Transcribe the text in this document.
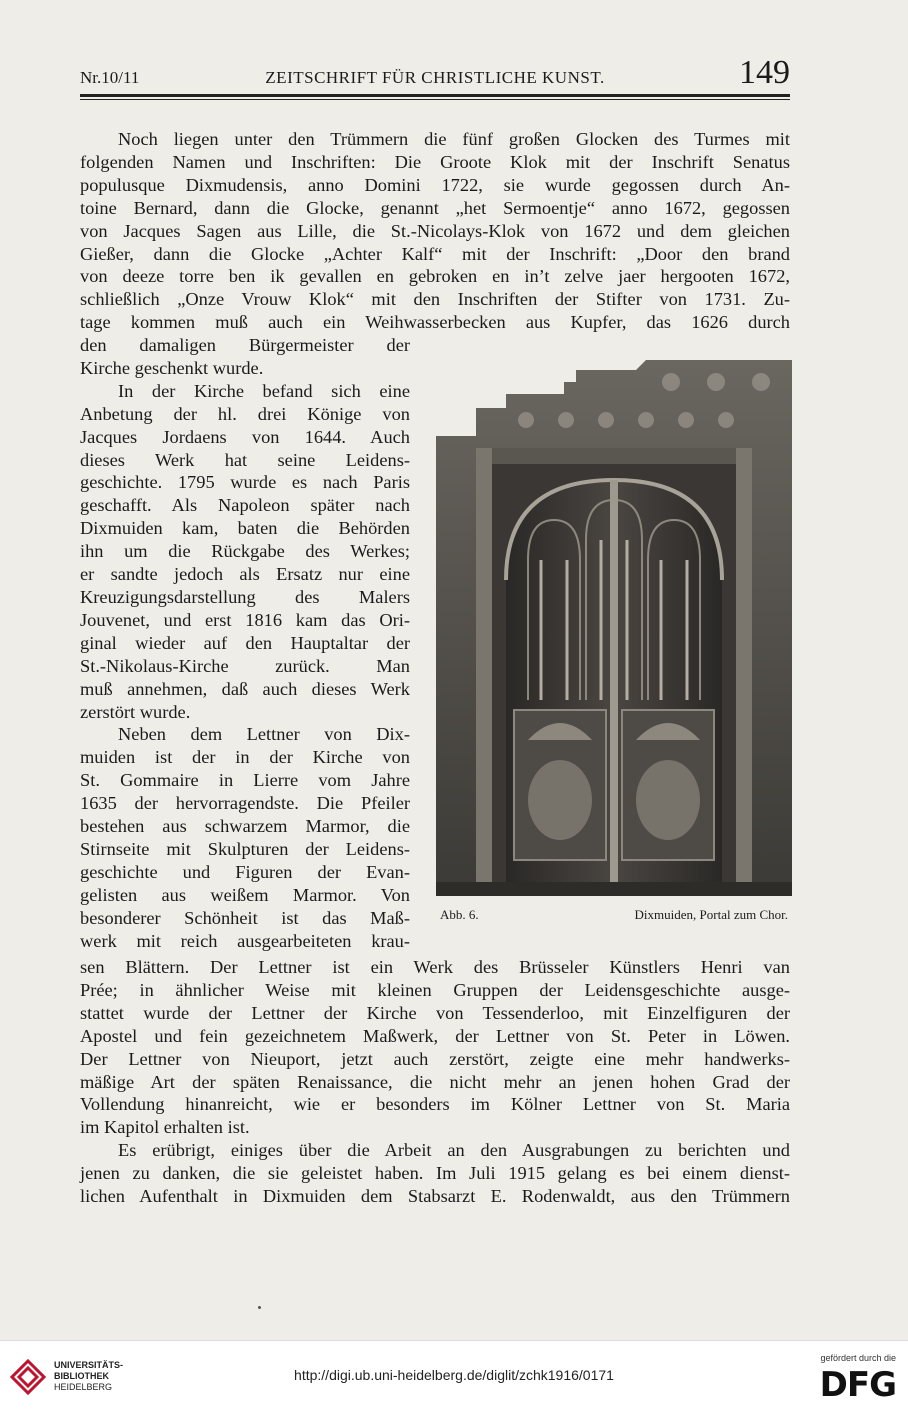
Nr.10/11	ZEITSCHRIFT FÜR CHRISTLICHE KUNST.	149
Noch liegen unter den Trümmern die fünf großen Glocken des Turmes mit
folgenden Namen und Inschriften: Die Groote Klok mit der Inschrift Senatus
populusque Dixmudensis, anno Domini 1722, sie wurde gegossen durch An-
toine Bernard, dann die Glocke, genannt „het Sermoentje“ anno 1672, gegossen
von Jacques Sagen aus Lille, die St.-Nicolays-Klok von 1672 und dem gleichen
Gießer, dann die Glocke „Achter Kalf“ mit der Inschrift: „Door den brand
von deeze torre ben ik gevallen en gebroken en in’t zelve jaer hergooten 1672,
schließlich „Onze Vrouw Klok“ mit den Inschriften der Stifter von 1731. Zu-
tage kommen muß auch ein Weihwasserbecken aus Kupfer, das 1626 durch
den damaligen Bürgermeister der
Kirche geschenkt wurde.
In der Kirche befand sich eine
Anbetung der hl. drei Könige von
Jacques Jordaens von 1644. Auch
dieses Werk hat seine Leidens-
geschichte. 1795 wurde es nach Paris
geschafft. Als Napoleon später nach
Dixmuiden kam, baten die Behörden
ihn um die Rückgabe des Werkes;
er sandte jedoch als Ersatz nur eine
Kreuzigungsdarstellung des Malers
Jouvenet, und erst 1816 kam das Ori-
ginal wieder auf den Hauptaltar der
St.-Nikolaus-Kirche zurück. Man
muß annehmen, daß auch dieses Werk
zerstört wurde.
Neben dem Lettner von Dix-
muiden ist der in der Kirche von
St. Gommaire in Lierre vom Jahre
1635 der hervorragendste. Die Pfeiler
bestehen aus schwarzem Marmor, die
Stirnseite mit Skulpturen der Leidens-
geschichte und Figuren der Evan-
gelisten aus weißem Marmor. Von
besonderer Schönheit ist das Maß-
werk mit reich ausgearbeiteten krau-
Abb. 6.	Dixmuiden, Portal zum Chor.
sen Blättern. Der Lettner ist ein Werk des Brüsseler Künstlers Henri van
Prée; in ähnlicher Weise mit kleinen Gruppen der Leidensgeschichte ausge-
stattet wurde der Lettner der Kirche von Tessenderloo, mit Einzelfiguren der
Apostel und fein gezeichnetem Maßwerk, der Lettner von St. Peter in Löwen.
Der Lettner von Nieuport, jetzt auch zerstört, zeigte eine mehr handwerks-
mäßige Art der späten Renaissance, die nicht mehr an jenen hohen Grad der
Vollendung hinanreicht, wie er besonders im Kölner Lettner von St. Maria
im Kapitol erhalten ist.
Es erübrigt, einiges über die Arbeit an den Ausgrabungen zu berichten und
jenen zu danken, die sie geleistet haben. Im Juli 1915 gelang es bei einem dienst-
lichen Aufenthalt in Dixmuiden dem Stabsarzt E. Rodenwaldt, aus den Trümmern
UNIVERSITÄTS-
BIBLIOTHEK
HEIDELBERG
http://digi.ub.uni-heidelberg.de/diglit/zchk1916/0171
gefördert durch die
DFG
